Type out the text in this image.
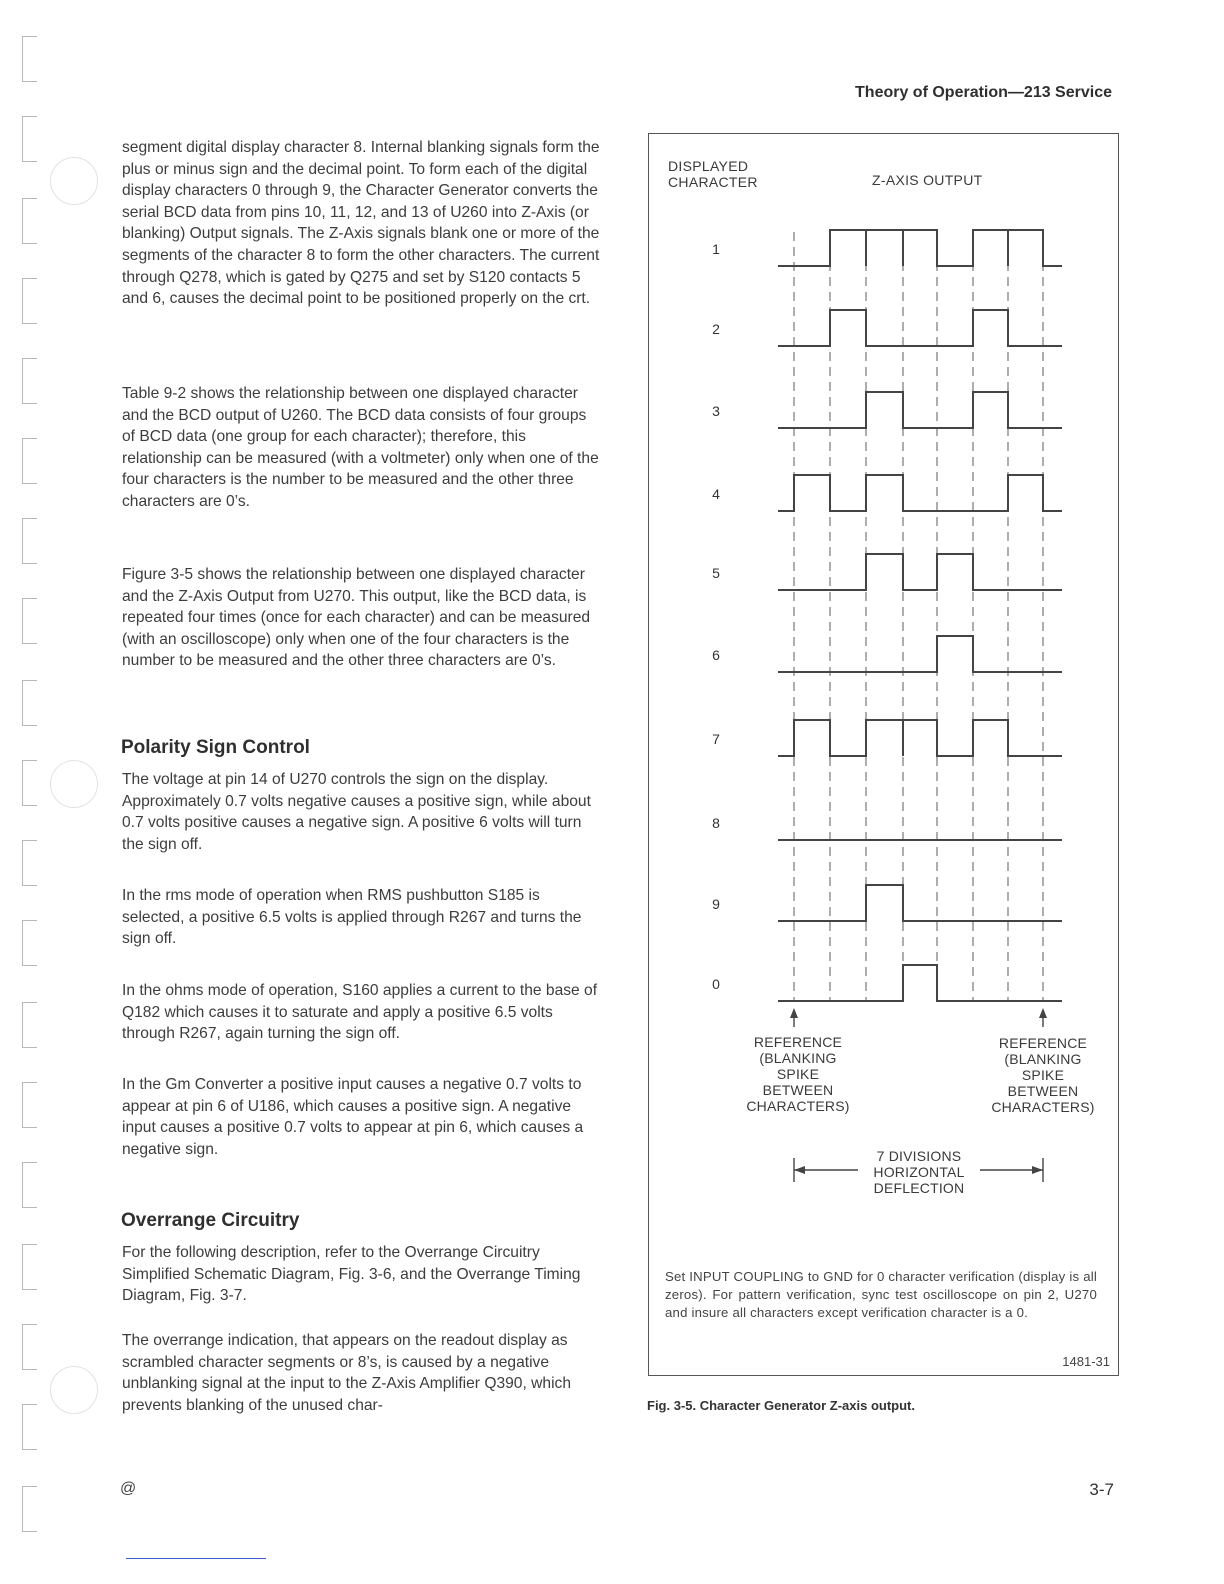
Theory of Operation—213 Service

segment digital display character 8. Internal blanking signals form the plus or minus sign and the decimal point. To form each of the digital display characters 0 through 9, the Character Generator converts the serial BCD data from pins 10, 11, 12, and 13 of U260 into Z-Axis (or blanking) Output signals. The Z-Axis signals blank one or more of the segments of the character 8 to form the other characters. The current through Q278, which is gated by Q275 and set by S120 contacts 5 and 6, causes the decimal point to be positioned properly on the crt.

Table 9-2 shows the relationship between one displayed character and the BCD output of U260. The BCD data consists of four groups of BCD data (one group for each character); therefore, this relationship can be measured (with a voltmeter) only when one of the four characters is the number to be measured and the other three characters are 0’s.

Figure 3-5 shows the relationship between one displayed character and the Z-Axis Output from U270. This output, like the BCD data, is repeated four times (once for each character) and can be measured (with an oscilloscope) only when one of the four characters is the number to be measured and the other three characters are 0’s.

Polarity Sign Control

The voltage at pin 14 of U270 controls the sign on the display. Approximately 0.7 volts negative causes a positive sign, while about 0.7 volts positive causes a negative sign. A positive 6 volts will turn the sign off.

In the rms mode of operation when RMS pushbutton S185 is selected, a positive 6.5 volts is applied through R267 and turns the sign off.

In the ohms mode of operation, S160 applies a current to the base of Q182 which causes it to saturate and apply a positive 6.5 volts through R267, again turning the sign off.

In the Gm Converter a positive input causes a negative 0.7 volts to appear at pin 6 of U186, which causes a positive sign. A negative input causes a positive 0.7 volts to appear at pin 6, which causes a negative sign.

Overrange Circuitry

For the following description, refer to the Overrange Circuitry Simplified Schematic Diagram, Fig. 3-6, and the Overrange Timing Diagram, Fig. 3-7.

The overrange indication, that appears on the readout display as scrambled character segments or 8’s, is caused by a negative unblanking signal at the input to the Z-Axis Amplifier Q390, which prevents blanking of the unused char-

DISPLAYED
CHARACTER	Z-AXIS OUTPUT
1
2
3
4
5
6
7
8
9
0
REFERENCE
(BLANKING
SPIKE
BETWEEN
CHARACTERS)
REFERENCE
(BLANKING
SPIKE
BETWEEN
CHARACTERS)
7 DIVISIONS
HORIZONTAL
DEFLECTION
Set INPUT COUPLING to GND for 0 character verification (display is all zeros). For pattern verification, sync test oscilloscope on pin 2, U270 and insure all characters except verification character is a 0.
1481-31
Fig. 3-5. Character Generator Z-axis output.
@	3-7
